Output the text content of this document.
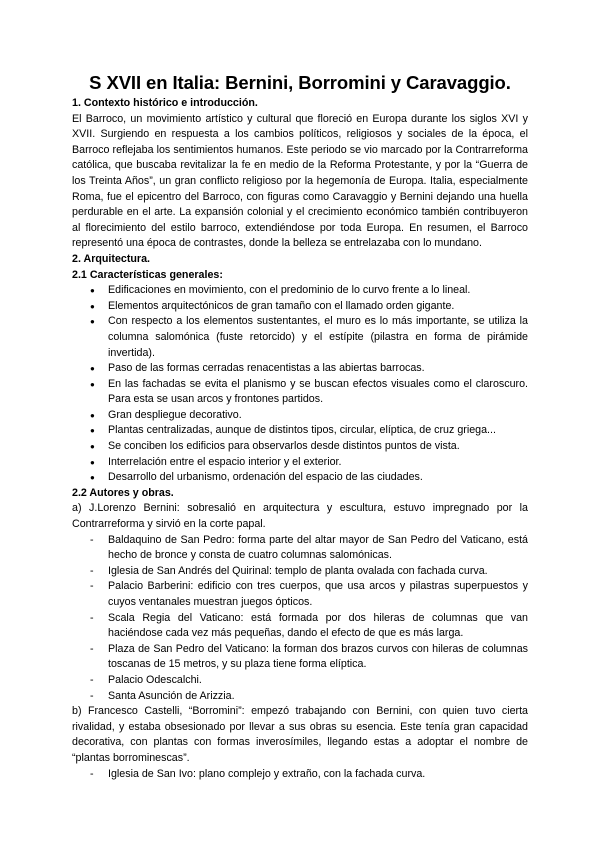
S XVII en Italia: Bernini, Borromini y Caravaggio.
1. Contexto histórico e introducción.

El Barroco, un movimiento artístico y cultural que floreció en Europa durante los siglos XVI y XVII. Surgiendo en respuesta a los cambios políticos, religiosos y sociales de la época, el Barroco reflejaba los sentimientos humanos. Este periodo se vio marcado por la Contrarreforma católica, que buscaba revitalizar la fe en medio de la Reforma Protestante, y por la “Guerra de los Treinta Años”, un gran conflicto religioso por la hegemonía de Europa. Italia, especialmente Roma, fue el epicentro del Barroco, con figuras como Caravaggio y Bernini dejando una huella perdurable en el arte. La expansión colonial y el crecimiento económico también contribuyeron al florecimiento del estilo barroco, extendiéndose por toda Europa. En resumen, el Barroco representó una época de contrastes, donde la belleza se entrelazaba con lo mundano.

2. Arquitectura.
2.1 Características generales:
● Edificaciones en movimiento, con el predominio de lo curvo frente a lo lineal.
● Elementos arquitectónicos de gran tamaño con el llamado orden gigante.
● Con respecto a los elementos sustentantes, el muro es lo más importante, se utiliza la columna salomónica (fuste retorcido) y el estípite (pilastra en forma de pirámide invertida).
● Paso de las formas cerradas renacentistas a las abiertas barrocas.
● En las fachadas se evita el planismo y se buscan efectos visuales como el claroscuro. Para esta se usan arcos y frontones partidos.
● Gran despliegue decorativo.
● Plantas centralizadas, aunque de distintos tipos, circular, elíptica, de cruz griega...
● Se conciben los edificios para observarlos desde distintos puntos de vista.
● Interrelación entre el espacio interior y el exterior.
● Desarrollo del urbanismo, ordenación del espacio de las ciudades.
2.2 Autores y obras.

a) J.Lorenzo Bernini: sobresalió en arquitectura y escultura, estuvo impregnado por la Contrarreforma y sirvió en la corte papal.

- Baldaquino de San Pedro: forma parte del altar mayor de San Pedro del Vaticano, está hecho de bronce y consta de cuatro columnas salomónicas.
- Iglesia de San Andrés del Quirinal: templo de planta ovalada con fachada curva.
- Palacio Barberini: edificio con tres cuerpos, que usa arcos y pilastras superpuestos y cuyos ventanales muestran juegos ópticos.
- Scala Regia del Vaticano: está formada por dos hileras de columnas que van haciéndose cada vez más pequeñas, dando el efecto de que es más larga.
- Plaza de San Pedro del Vaticano: la forman dos brazos curvos con hileras de columnas toscanas de 15 metros, y su plaza tiene forma elíptica.
- Palacio Odescalchi.
- Santa Asunción de Arizzia.

b) Francesco Castelli, “Borromini”: empezó trabajando con Bernini, con quien tuvo cierta rivalidad, y estaba obsesionado por llevar a sus obras su esencia. Este tenía gran capacidad decorativa, con plantas con formas inverosímiles, llegando estas a adoptar el nombre de “plantas borrominescas”.

- Iglesia de San Ivo: plano complejo y extraño, con la fachada curva.
